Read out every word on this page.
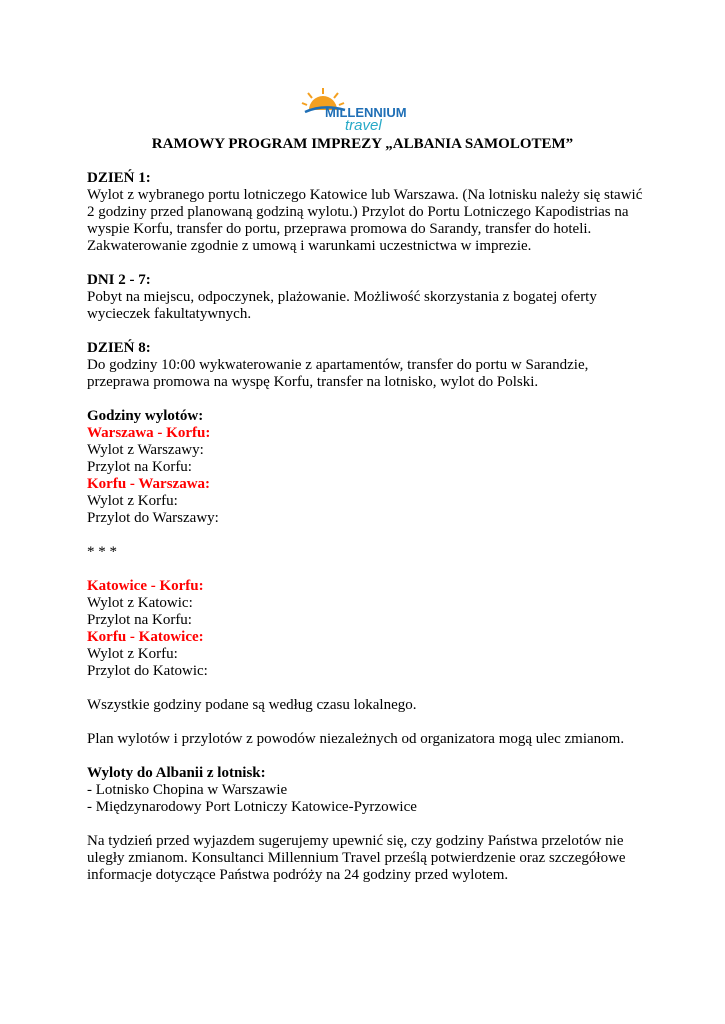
MILLENNIUM
travel
RAMOWY PROGRAM IMPREZY „ALBANIA SAMOLOTEM”

DZIEŃ 1:

Wylot z wybranego portu lotniczego Katowice lub Warszawa. (Na lotnisku należy się stawić

2 godziny przed planowaną godziną wylotu.) Przylot do Portu Lotniczego Kapodistrias na

wyspie Korfu, transfer do portu, przeprawa promowa do Sarandy, transfer do hoteli.

Zakwaterowanie zgodnie z umową i warunkami uczestnictwa w imprezie.

DNI 2 - 7:

Pobyt na miejscu, odpoczynek, plażowanie. Możliwość skorzystania z bogatej oferty

wycieczek fakultatywnych.

DZIEŃ 8:

Do godziny 10:00 wykwaterowanie z apartamentów, transfer do portu w Sarandzie,

przeprawa promowa na wyspę Korfu, transfer na lotnisko, wylot do Polski.

Godziny wylotów:

Warszawa - Korfu:

Wylot z Warszawy:

Przylot na Korfu:

Korfu - Warszawa:

Wylot z Korfu:

Przylot do Warszawy:

* * *

Katowice - Korfu:

Wylot z Katowic:

Przylot na Korfu:

Korfu - Katowice:

Wylot z Korfu:

Przylot do Katowic:

Wszystkie godziny podane są według czasu lokalnego.

Plan wylotów i przylotów z powodów niezależnych od organizatora mogą ulec zmianom.

Wyloty do Albanii z lotnisk:

- Lotnisko Chopina w Warszawie

- Międzynarodowy Port Lotniczy Katowice-Pyrzowice

Na tydzień przed wyjazdem sugerujemy upewnić się, czy godziny Państwa przelotów nie

uległy zmianom. Konsultanci Millennium Travel prześlą potwierdzenie oraz szczegółowe

informacje dotyczące Państwa podróży na 24 godziny przed wylotem.
